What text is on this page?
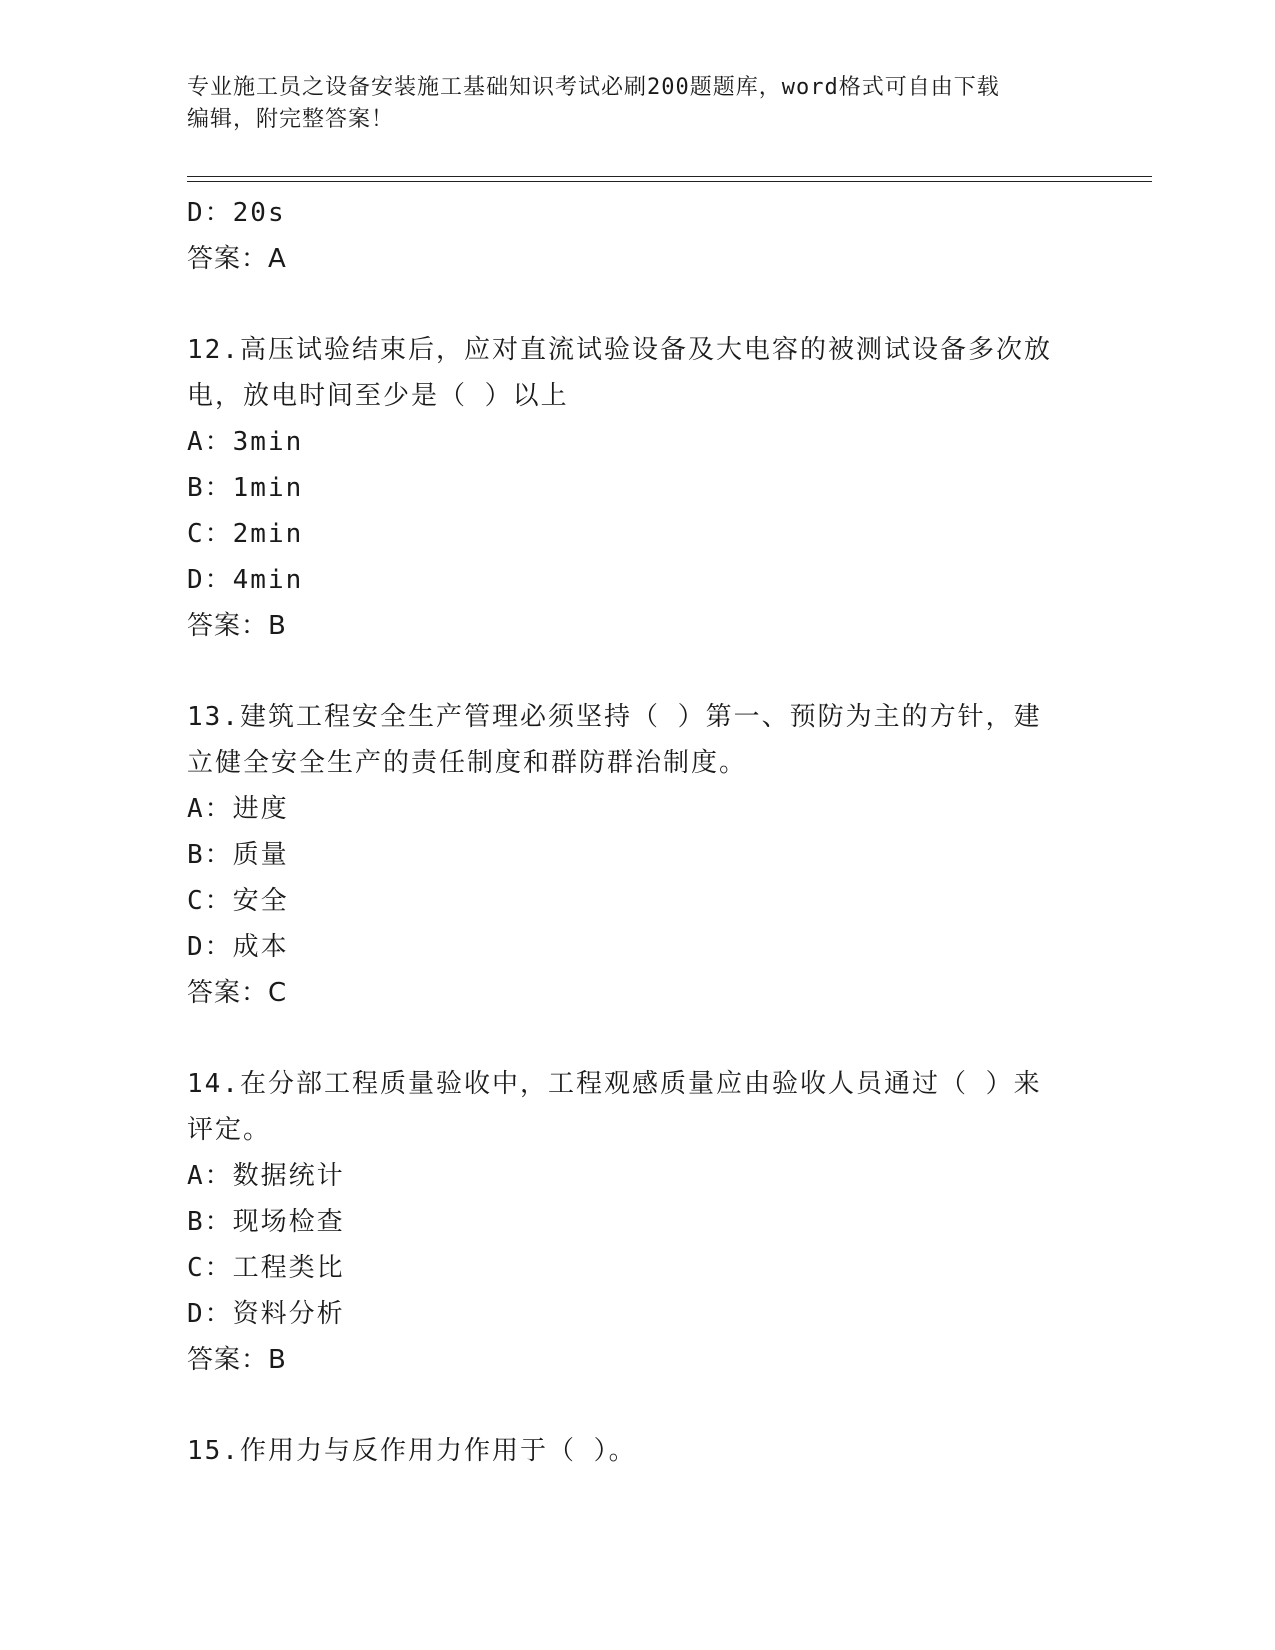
专业施工员之设备安装施工基础知识考试必刷200题题库，word格式可自由下载
编辑，附完整答案！
D：20s
答案：A
12.高压试验结束后，应对直流试验设备及大电容的被测试设备多次放
电，放电时间至少是（ ）以上
A：3min
B：1min
C：2min
D：4min
答案：B
13.建筑工程安全生产管理必须坚持（ ）第一、预防为主的方针，建
立健全安全生产的责任制度和群防群治制度。
A：进度
B：质量
C：安全
D：成本
答案：C
14.在分部工程质量验收中，工程观感质量应由验收人员通过（ ）来
评定。
A：数据统计
B：现场检查
C：工程类比
D：资料分析
答案：B
15.作用力与反作用力作用于（ ）。
